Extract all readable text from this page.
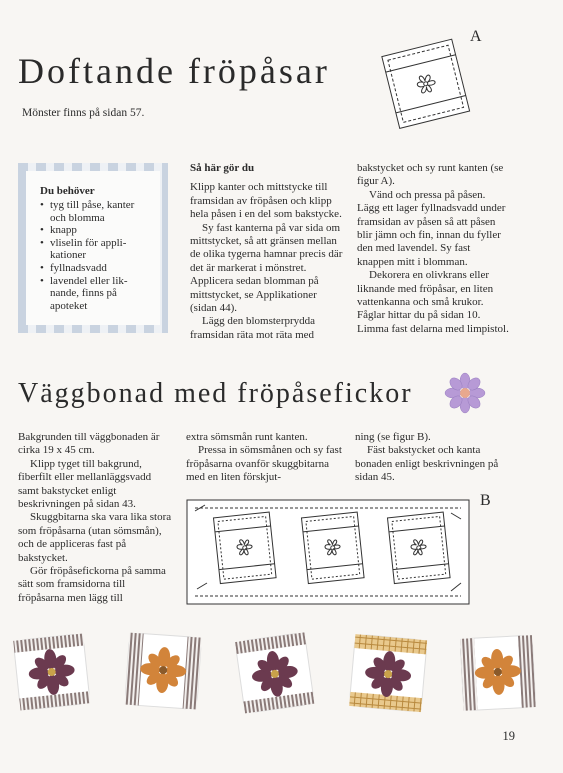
Doftande fröpåsar
Mönster finns på sidan 57.
A
Du behöver
• tyg till påse, kanter
och blomma
• knapp
• vliselin för appli-
kationer
• fyllnadsvadd
• lavendel eller lik-
nande, finns på
apoteket
Så här gör du

Klipp kanter och mittstycke till framsidan av fröpåsen och klipp hela påsen i en del som bakstycke.

Sy fast kanterna på var sida om mittstycket, så att gränsen mellan de olika tygerna hamnar precis där det är markerat i mönstret. Applicera sedan blomman på mittstycket, se Applikationer (sidan 44).

Lägg den blomsterprydda framsidan räta mot räta med

bakstycket och sy runt kanten (se figur A).

Vänd och pressa på påsen. Lägg ett lager fyllnadsvadd under framsidan av påsen så att påsen blir jämn och fin, innan du fyller den med lavendel. Sy fast knappen mitt i blomman.

Dekorera en olivkrans eller liknande med fröpåsar, en liten vattenkanna och små krukor. Fåglar hittar du på sidan 10. Limma fast delarna med limpistol.

Väggbonad med fröpåsefickor

Bakgrunden till väggbonaden är cirka 19 x 45 cm.

Klipp tyget till bakgrund, fiberfilt eller mellanläggsvadd samt bakstycket enligt beskrivningen på sidan 43.

Skuggbitarna ska vara lika stora som fröpåsarna (utan sömsmån), och de appliceras fast på bakstycket.

Gör fröpåsefickorna på samma sätt som framsidorna till fröpåsarna men lägg till

extra sömsmån runt kanten.

Pressa in sömsmånen och sy fast fröpåsarna ovanför skuggbitarna med en liten förskjut-

ning (se figur B).

Fäst bakstycket och kanta bonaden enligt beskrivningen på sidan 45.

B
19
